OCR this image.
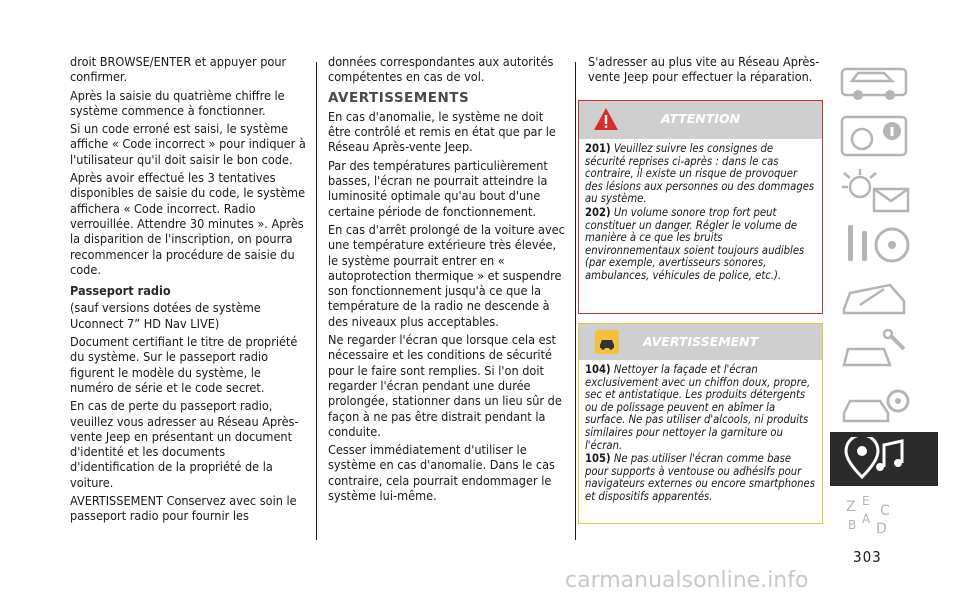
droit BROWSE/ENTER et appuyer pour confirmer.

Après la saisie du quatrième chiffre le système commence à fonctionner.

Si un code erroné est saisi, le système affiche « Code incorrect » pour indiquer à l'utilisateur qu'il doit saisir le bon code.

Après avoir effectué les 3 tentatives disponibles de saisie du code, le système affichera « Code incorrect. Radio verrouillée. Attendre 30 minutes ». Après la disparition de l'inscription, on pourra recommencer la procédure de saisie du code.

Passeport radio

(sauf versions dotées de système Uconnect 7” HD Nav LIVE)

Document certifiant le titre de propriété du système. Sur le passeport radio figurent le modèle du système, le numéro de série et le code secret.

En cas de perte du passeport radio, veuillez vous adresser au Réseau Après-vente Jeep en présentant un document d'identité et les documents d'identification de la propriété de la voiture.

AVERTISSEMENT Conservez avec soin le passeport radio pour fournir les

données correspondantes aux autorités compétentes en cas de vol.

AVERTISSEMENTS

En cas d'anomalie, le système ne doit être contrôlé et remis en état que par le Réseau Après-vente Jeep.

Par des températures particulièrement basses, l'écran ne pourrait atteindre la luminosité optimale qu'au bout d'une certaine période de fonctionnement.

En cas d'arrêt prolongé de la voiture avec une température extérieure très élevée, le système pourrait entrer en « autoprotection thermique » et suspendre son fonctionnement jusqu'à ce que la température de la radio ne descende à des niveaux plus acceptables.

Ne regarder l'écran que lorsque cela est nécessaire et les conditions de sécurité pour le faire sont remplies. Si l'on doit regarder l'écran pendant une durée prolongée, stationner dans un lieu sûr de façon à ne pas être distrait pendant la conduite.

Cesser immédiatement d'utiliser le système en cas d'anomalie. Dans le cas contraire, cela pourrait endommager le système lui-même.

S'adresser au plus vite au Réseau Après-vente Jeep pour effectuer la réparation.

ATTENTION

201) Veuillez suivre les consignes de sécurité reprises ci-après : dans le cas contraire, il existe un risque de provoquer des lésions aux personnes ou des dommages au système.

202) Un volume sonore trop fort peut constituer un danger. Régler le volume de manière à ce que les bruits environnementaux soient toujours audibles (par exemple, avertisseurs sonores, ambulances, véhicules de police, etc.).

AVERTISSEMENT

104) Nettoyer la façade et l'écran exclusivement avec un chiffon doux, propre, sec et antistatique. Les produits détergents ou de polissage peuvent en abîmer la surface. Ne pas utiliser d'alcools, ni produits similaires pour nettoyer la garniture ou l'écran.

105) Ne pas utiliser l'écran comme base pour supports à ventouse ou adhésifs pour navigateurs externes ou encore smartphones et dispositifs apparentés.

Z E
B A
D
C
303
carmanualsonline.info
